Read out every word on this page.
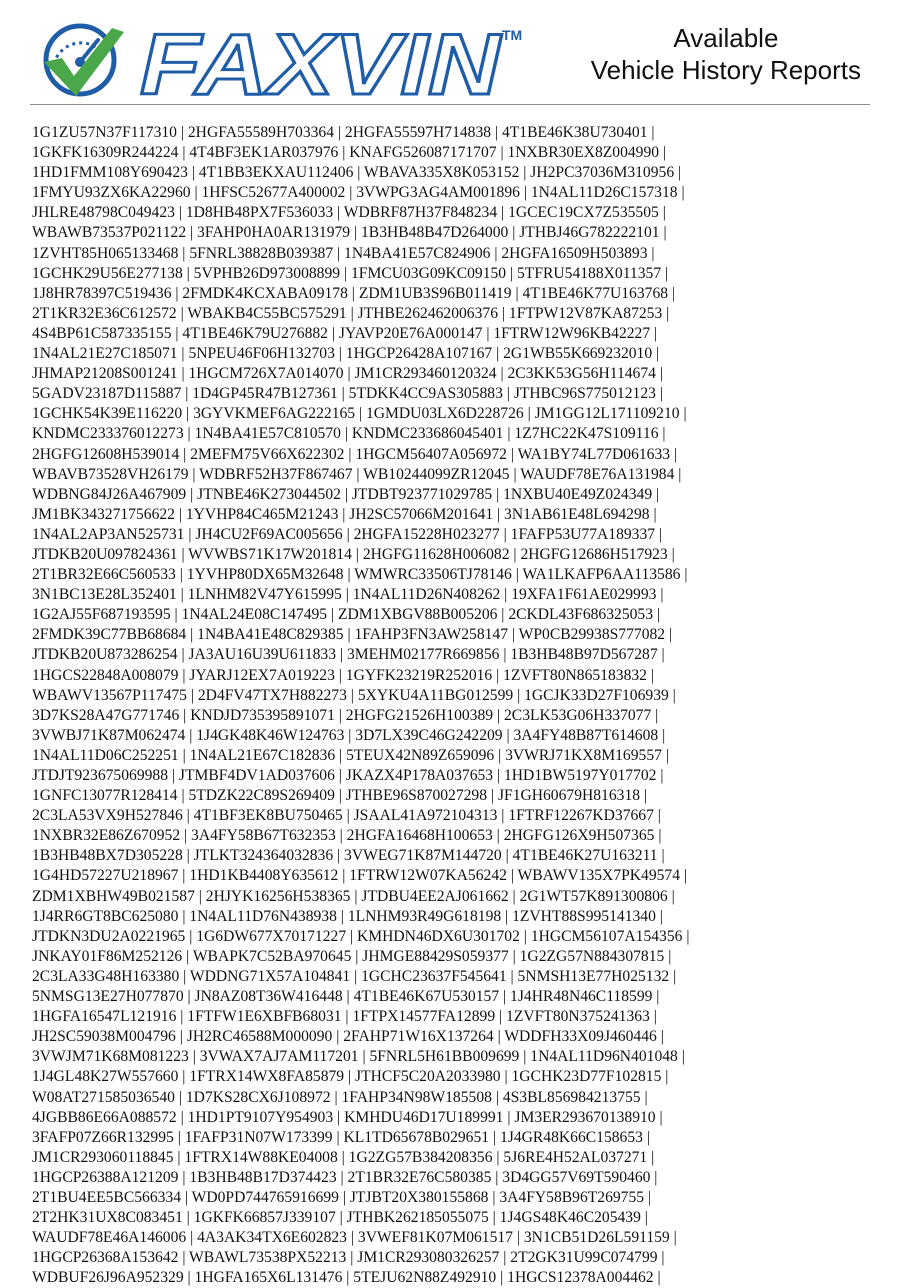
FAXVIN TM	Available
Vehicle History Reports
1G1ZU57N37F117310 | 2HGFA55589H703364 | 2HGFA55597H714838 | 4T1BE46K38U730401 |
1GKFK16309R244224 | 4T4BF3EK1AR037976 | KNAFG526087171707 | 1NXBR30EX8Z004990 |
1HD1FMM108Y690423 | 4T1BB3EKXAU112406 | WBAVA335X8K053152 | JH2PC37036M310956 |
1FMYU93ZX6KA22960 | 1HFSC52677A400002 | 3VWPG3AG4AM001896 | 1N4AL11D26C157318 |
JHLRE48798C049423 | 1D8HB48PX7F536033 | WDBRF87H37F848234 | 1GCEC19CX7Z535505 |
WBAWB73537P021122 | 3FAHP0HA0AR131979 | 1B3HB48B47D264000 | JTHBJ46G782222101 |
1ZVHT85H065133468 | 5FNRL38828B039387 | 1N4BA41E57C824906 | 2HGFA16509H503893 |
1GCHK29U56E277138 | 5VPHB26D973008899 | 1FMCU03G09KC09150 | 5TFRU54188X011357 |
1J8HR78397C519436 | 2FMDK4KCXABA09178 | ZDM1UB3S96B011419 | 4T1BE46K77U163768 |
2T1KR32E36C612572 | WBAKB4C55BC575291 | JTHBE262462006376 | 1FTPW12V87KA87253 |
4S4BP61C587335155 | 4T1BE46K79U276882 | JYAVP20E76A000147 | 1FTRW12W96KB42227 |
1N4AL21E27C185071 | 5NPEU46F06H132703 | 1HGCP26428A107167 | 2G1WB55K669232010 |
JHMAP21208S001241 | 1HGCM726X7A014070 | JM1CR293460120324 | 2C3KK53G56H114674 |
5GADV23187D115887 | 1D4GP45R47B127361 | 5TDKK4CC9AS305883 | JTHBC96S775012123 |
1GCHK54K39E116220 | 3GYVKMEF6AG222165 | 1GMDU03LX6D228726 | JM1GG12L171109210 |
KNDMC233376012273 | 1N4BA41E57C810570 | KNDMC233686045401 | 1Z7HC22K47S109116 |
2HGFG12608H539014 | 2MEFM75V66X622302 | 1HGCM56407A056972 | WA1BY74L77D061633 |
WBAVB73528VH26179 | WDBRF52H37F867467 | WB10244099ZR12045 | WAUDF78E76A131984 |
WDBNG84J26A467909 | JTNBE46K273044502 | JTDBT923771029785 | 1NXBU40E49Z024349 |
JM1BK343271756622 | 1YVHP84C465M21243 | JH2SC57066M201641 | 3N1AB61E48L694298 |
1N4AL2AP3AN525731 | JH4CU2F69AC005656 | 2HGFA15228H023277 | 1FAFP53U77A189337 |
JTDKB20U097824361 | WVWBS71K17W201814 | 2HGFG11628H006082 | 2HGFG12686H517923 |
2T1BR32E66C560533 | 1YVHP80DX65M32648 | WMWRC33506TJ78146 | WA1LKAFP6AA113586 |
3N1BC13E28L352401 | 1LNHM82V47Y615995 | 1N4AL11D26N408262 | 19XFA1F61AE029993 |
1G2AJ55F687193595 | 1N4AL24E08C147495 | ZDM1XBGV88B005206 | 2CKDL43F686325053 |
2FMDK39C77BB68684 | 1N4BA41E48C829385 | 1FAHP3FN3AW258147 | WP0CB29938S777082 |
JTDKB20U873286254 | JA3AU16U39U611833 | 3MEHM02177R669856 | 1B3HB48B97D567287 |
1HGCS22848A008079 | JYARJ12EX7A019223 | 1GYFK23219R252016 | 1ZVFT80N865183832 |
WBAWV13567P117475 | 2D4FV47TX7H882273 | 5XYKU4A11BG012599 | 1GCJK33D27F106939 |
3D7KS28A47G771746 | KNDJD735395891071 | 2HGFG21526H100389 | 2C3LK53G06H337077 |
3VWBJ71K87M062474 | 1J4GK48K46W124763 | 3D7LX39C46G242209 | 3A4FY48B87T614608 |
1N4AL11D06C252251 | 1N4AL21E67C182836 | 5TEUX42N89Z659096 | 3VWRJ71KX8M169557 |
JTDJT923675069988 | JTMBF4DV1AD037606 | JKAZX4P178A037653 | 1HD1BW5197Y017702 |
1GNFC13077R128414 | 5TDZK22C89S269409 | JTHBE96S870027298 | JF1GH60679H816318 |
2C3LA53VX9H527846 | 4T1BF3EK8BU750465 | JSAAL41A972104313 | 1FTRF12267KD37667 |
1NXBR32E86Z670952 | 3A4FY58B67T632353 | 2HGFA16468H100653 | 2HGFG126X9H507365 |
1B3HB48BX7D305228 | JTLKT324364032836 | 3VWEG71K87M144720 | 4T1BE46K27U163211 |
1G4HD57227U218967 | 1HD1KB4408Y635612 | 1FTRW12W07KA56242 | WBAWV135X7PK49574 |
ZDM1XBHW49B021587 | 2HJYK16256H538365 | JTDBU4EE2AJ061662 | 2G1WT57K891300806 |
1J4RR6GT8BC625080 | 1N4AL11D76N438938 | 1LNHM93R49G618198 | 1ZVHT88S995141340 |
JTDKN3DU2A0221965 | 1G6DW677X70171227 | KMHDN46DX6U301702 | 1HGCM56107A154356 |
JNKAY01F86M252126 | WBAPK7C52BA970645 | JHMGE88429S059377 | 1G2ZG57N884307815 |
2C3LA33G48H163380 | WDDNG71X57A104841 | 1GCHC23637F545641 | 5NMSH13E77H025132 |
5NMSG13E27H077870 | JN8AZ08T36W416448 | 4T1BE46K67U530157 | 1J4HR48N46C118599 |
1HGFA16547L121916 | 1FTFW1E6XBFB68031 | 1FTPX14577FA12899 | 1ZVFT80N375241363 |
JH2SC59038M004796 | JH2RC46588M000090 | 2FAHP71W16X137264 | WDDFH33X09J460446 |
3VWJM71K68M081223 | 3VWAX7AJ7AM117201 | 5FNRL5H61BB009699 | 1N4AL11D96N401048 |
1J4GL48K27W557660 | 1FTRX14WX8FA85879 | JTHCF5C20A2033980 | 1GCHK23D77F102815 |
W08AT271585036540 | 1D7KS28CX6J108972 | 1FAHP34N98W185508 | 4S3BL856984213755 |
4JGBB86E66A088572 | 1HD1PT9107Y954903 | KMHDU46D17U189991 | JM3ER293670138910 |
3FAFP07Z66R132995 | 1FAFP31N07W173399 | KL1TD65678B029651 | 1J4GR48K66C158653 |
JM1CR293060118845 | 1FTRX14W88KE04008 | 1G2ZG57B384208356 | 5J6RE4H52AL037271 |
1HGCP26388A121209 | 1B3HB48B17D374423 | 2T1BR32E76C580385 | 3D4GG57V69T590460 |
2T1BU4EE5BC566334 | WD0PD744765916699 | JTJBT20X380155868 | 3A4FY58B96T269755 |
2T2HK31UX8C083451 | 1GKFK66857J339107 | JTHBK262185055075 | 1J4GS48K46C205439 |
WAUDF78E46A146006 | 4A3AK34TX6E602823 | 3VWEF81K07M061517 | 3N1CB51D26L591159 |
1HGCP26368A153642 | WBAWL73538PX52213 | JM1CR293080326257 | 2T2GK31U99C074799 |
WDBUF26J96A952329 | 1HGFA165X6L131476 | 5TEJU62N88Z492910 | 1HGCS12378A004462 |
